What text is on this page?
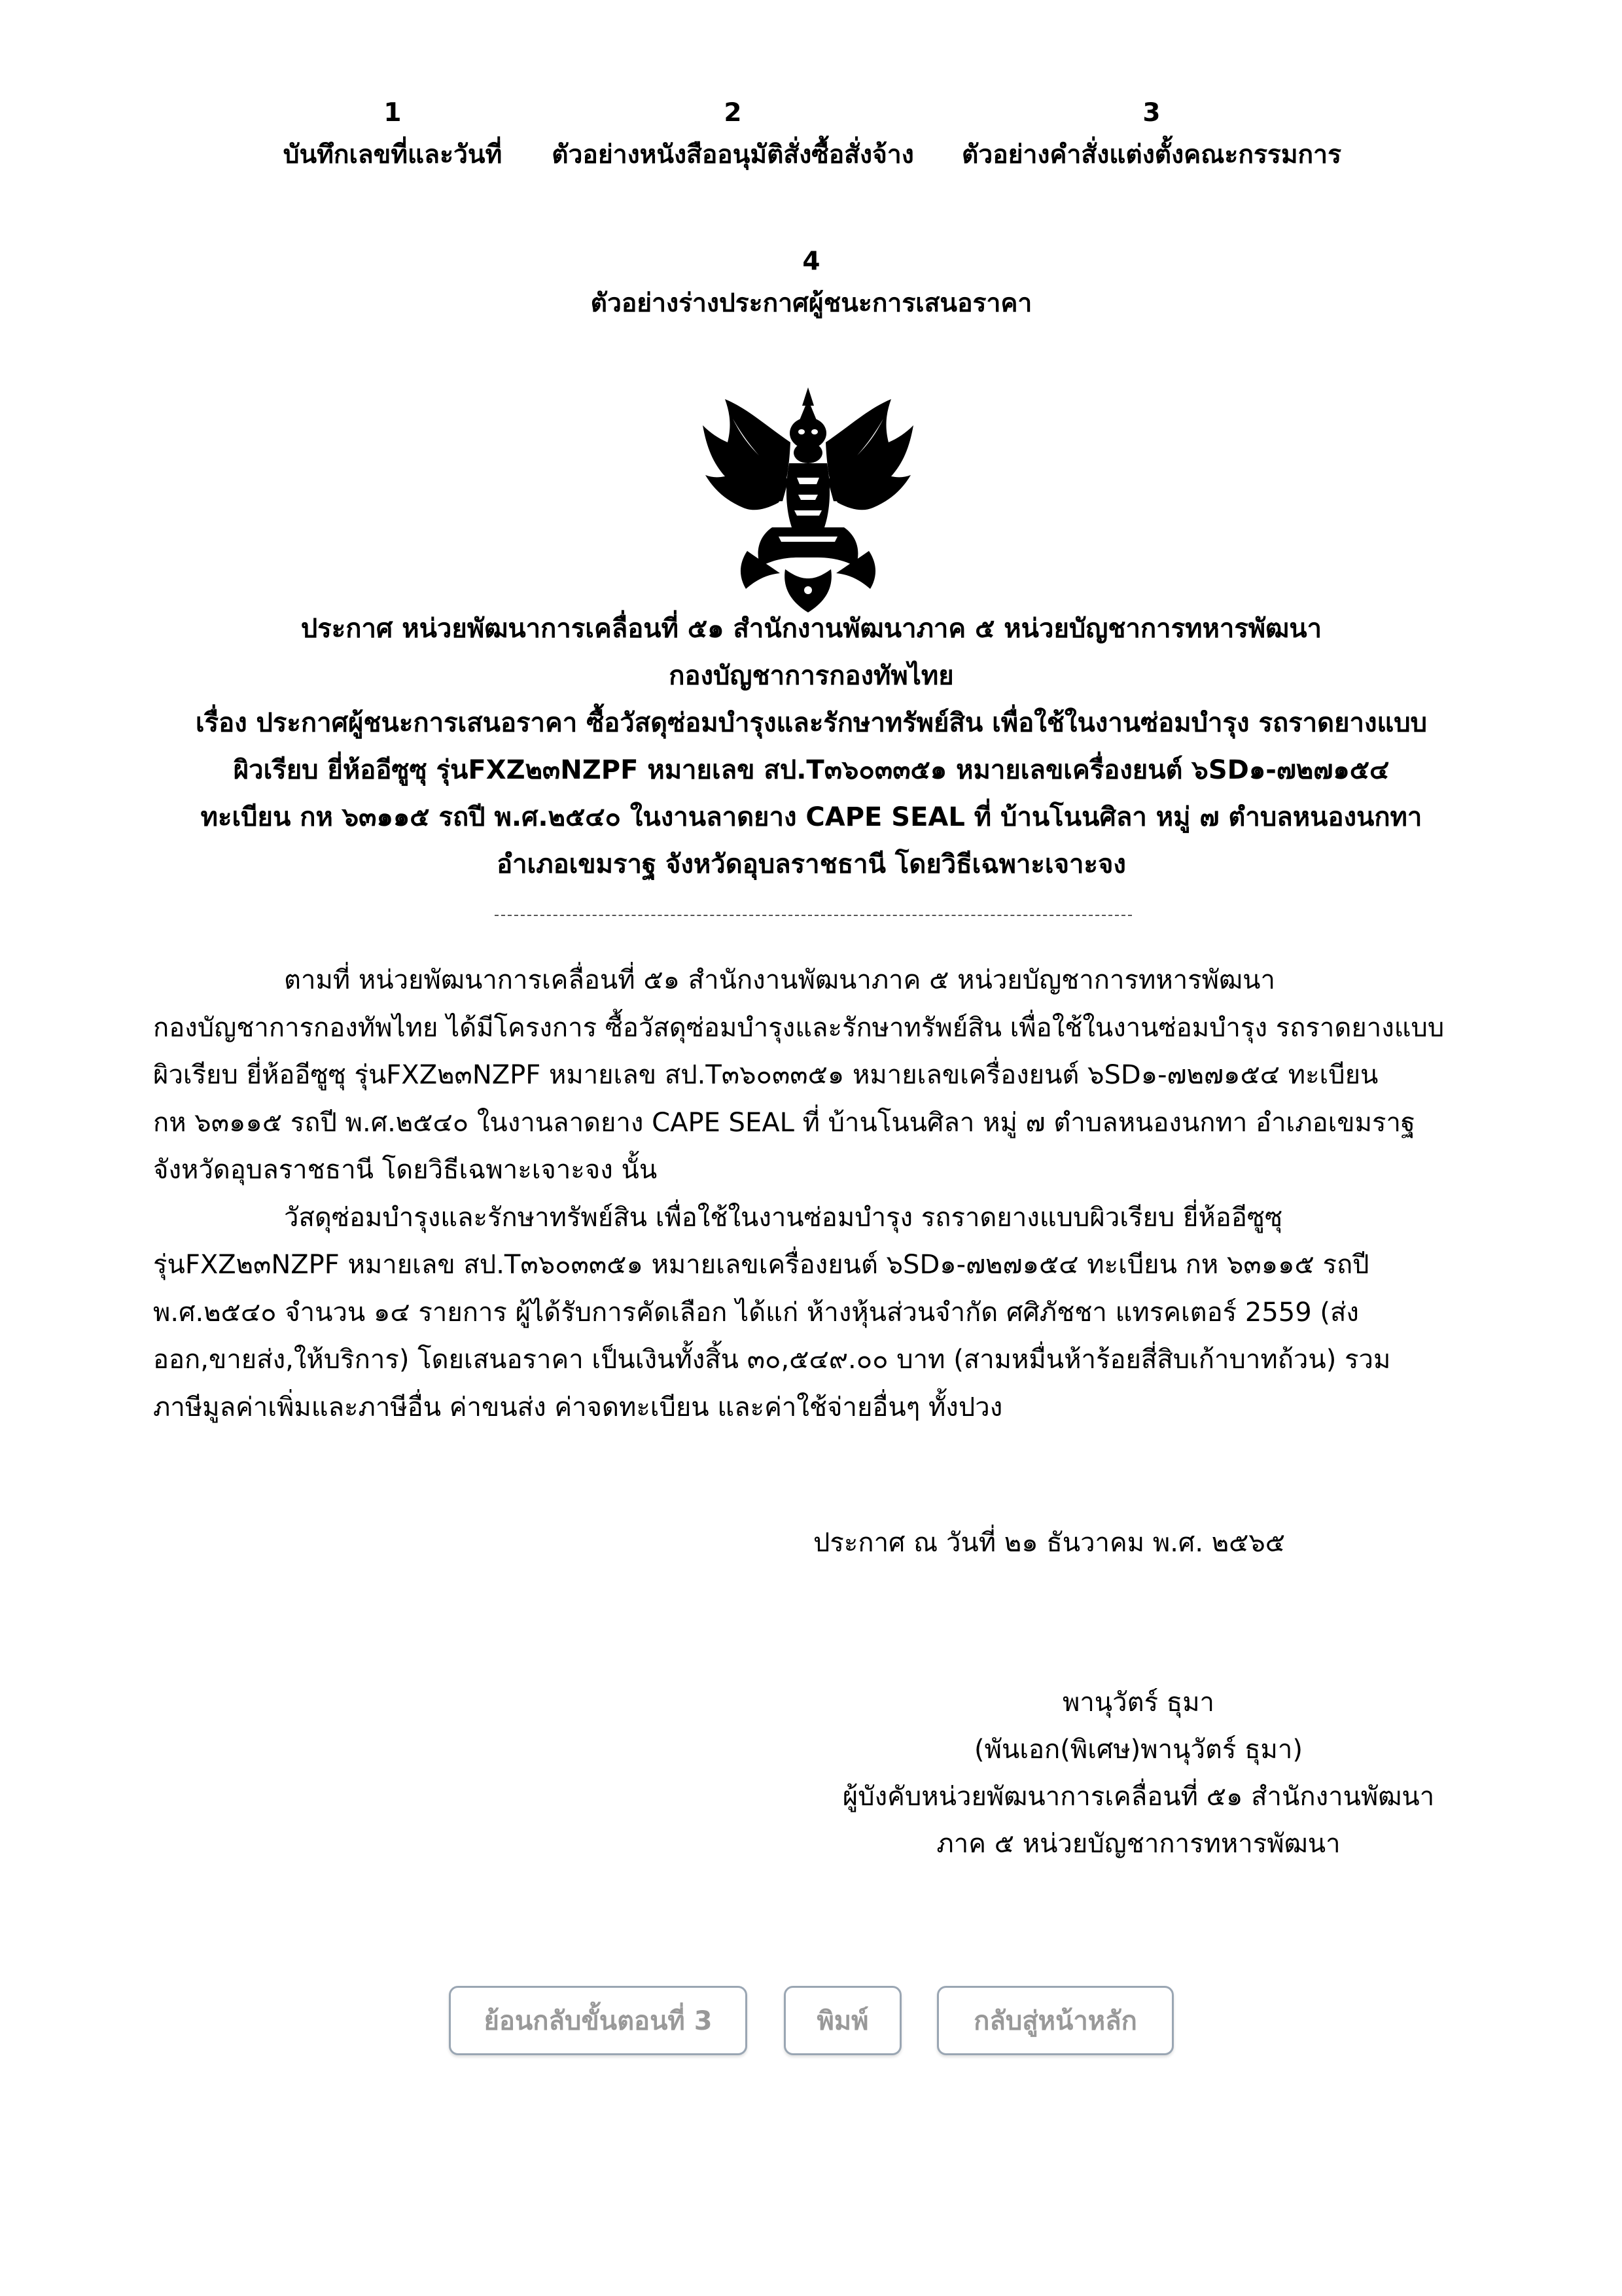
1
บันทึกเลขที่และวันที่
2
ตัวอย่างหนังสืออนุมัติสั่งซื้อสั่งจ้าง
3
ตัวอย่างคำสั่งแต่งตั้งคณะกรรมการ
4
ตัวอย่างร่างประกาศผู้ชนะการเสนอราคา
ประกาศ หน่วยพัฒนาการเคลื่อนที่ ๕๑ สำนักงานพัฒนาภาค ๕ หน่วยบัญชาการทหารพัฒนา
กองบัญชาการกองทัพไทย
เรื่อง ประกาศผู้ชนะการเสนอราคา ซื้อวัสดุซ่อมบำรุงและรักษาทรัพย์สิน เพื่อใช้ในงานซ่อมบำรุง รถราดยางแบบ
ผิวเรียบ ยี่ห้ออีซูซุ รุ่นFXZ๒๓NZPF หมายเลข สป.T๓๖๐๓๓๕๑ หมายเลขเครื่องยนต์ ๖SD๑-๗๒๗๑๕๔
ทะเบียน กห ๖๓๑๑๕ รถปี พ.ศ.๒๕๔๐ ในงานลาดยาง CAPE SEAL ที่ บ้านโนนศิลา หมู่ ๗ ตำบลหนองนกทา
อำเภอเขมราฐ จังหวัดอุบลราชธานี โดยวิธีเฉพาะเจาะจง
ตามที่ หน่วยพัฒนาการเคลื่อนที่ ๕๑ สำนักงานพัฒนาภาค ๕ หน่วยบัญชาการทหารพัฒนา
กองบัญชาการกองทัพไทย ได้มีโครงการ ซื้อวัสดุซ่อมบำรุงและรักษาทรัพย์สิน เพื่อใช้ในงานซ่อมบำรุง รถราดยางแบบ
ผิวเรียบ ยี่ห้ออีซูซุ รุ่นFXZ๒๓NZPF หมายเลข สป.T๓๖๐๓๓๕๑ หมายเลขเครื่องยนต์ ๖SD๑-๗๒๗๑๕๔ ทะเบียน
กห ๖๓๑๑๕ รถปี พ.ศ.๒๕๔๐ ในงานลาดยาง CAPE SEAL ที่ บ้านโนนศิลา หมู่ ๗ ตำบลหนองนกทา อำเภอเขมราฐ
จังหวัดอุบลราชธานี โดยวิธีเฉพาะเจาะจง นั้น
วัสดุซ่อมบำรุงและรักษาทรัพย์สิน เพื่อใช้ในงานซ่อมบำรุง รถราดยางแบบผิวเรียบ ยี่ห้ออีซูซุ
รุ่นFXZ๒๓NZPF หมายเลข สป.T๓๖๐๓๓๕๑ หมายเลขเครื่องยนต์ ๖SD๑-๗๒๗๑๕๔ ทะเบียน กห ๖๓๑๑๕ รถปี
พ.ศ.๒๕๔๐ จำนวน ๑๔ รายการ ผู้ได้รับการคัดเลือก ได้แก่ ห้างหุ้นส่วนจำกัด ศศิภัชชา แทรคเตอร์ 2559 (ส่ง
ออก,ขายส่ง,ให้บริการ) โดยเสนอราคา เป็นเงินทั้งสิ้น ๓๐,๕๔๙.๐๐ บาท (สามหมื่นห้าร้อยสี่สิบเก้าบาทถ้วน) รวม
ภาษีมูลค่าเพิ่มและภาษีอื่น ค่าขนส่ง ค่าจดทะเบียน และค่าใช้จ่ายอื่นๆ ทั้งปวง
ประกาศ ณ วันที่ ๒๑ ธันวาคม พ.ศ. ๒๕๖๕
พานุวัตร์ ธุมา
(พันเอก(พิเศษ)พานุวัตร์ ธุมา)
ผู้บังคับหน่วยพัฒนาการเคลื่อนที่ ๕๑ สำนักงานพัฒนา
ภาค ๕ หน่วยบัญชาการทหารพัฒนา
ย้อนกลับขั้นตอนที่ 3	พิมพ์	กลับสู่หน้าหลัก
